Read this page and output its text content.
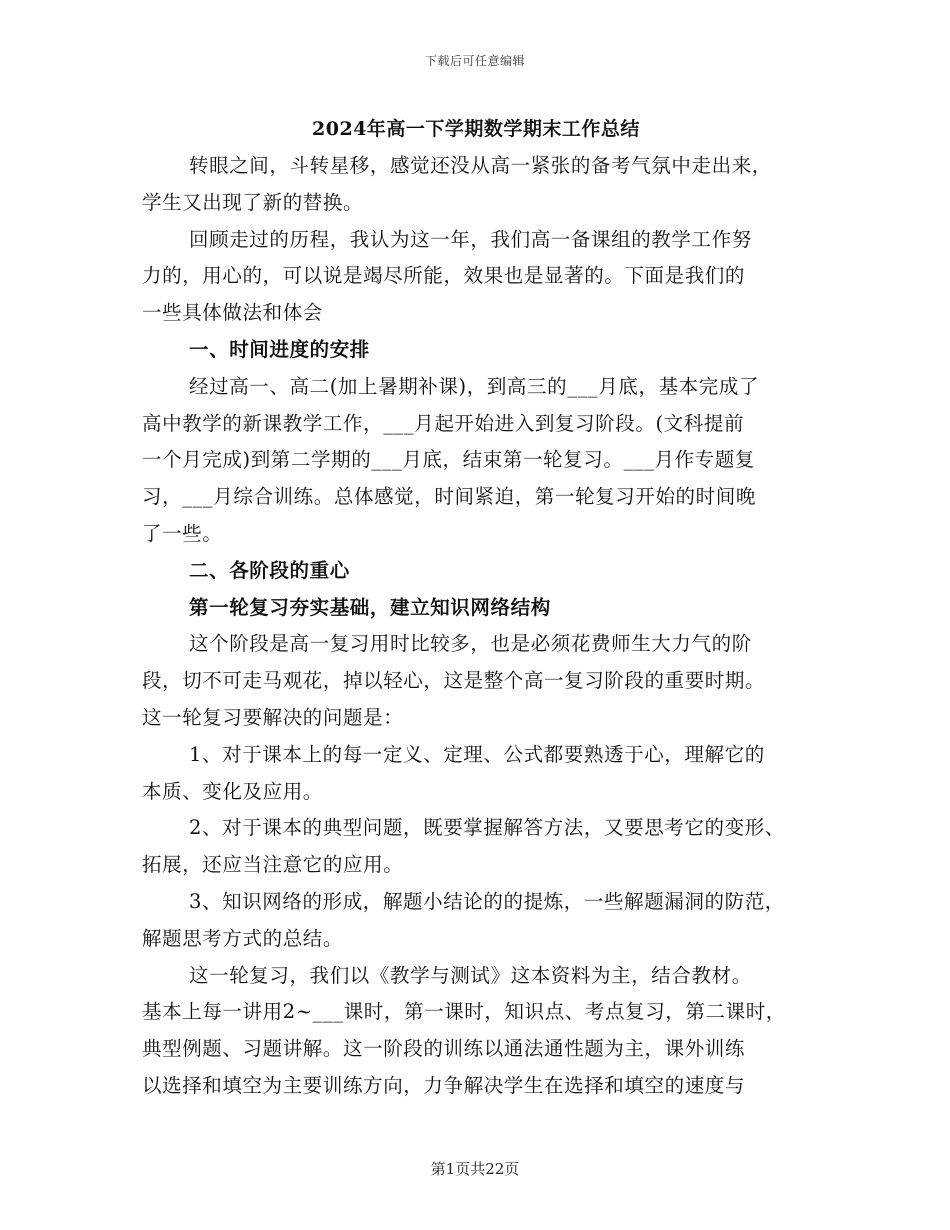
下载后可任意编辑
2024年高一下学期数学期末工作总结
转眼之间，斗转星移，感觉还没从高一紧张的备考气氛中走出来，
学生又出现了新的替换。
回顾走过的历程，我认为这一年，我们高一备课组的教学工作努
力的，用心的，可以说是竭尽所能，效果也是显著的。下面是我们的
一些具体做法和体会
一、时间进度的安排
经过高一、高二(加上暑期补课)，到高三的___月底，基本完成了
高中教学的新课教学工作，___月起开始进入到复习阶段。(文科提前
一个月完成)到第二学期的___月底，结束第一轮复习。___月作专题复
习，___月综合训练。总体感觉，时间紧迫，第一轮复习开始的时间晚
了一些。
二、各阶段的重心
第一轮复习夯实基础，建立知识网络结构
这个阶段是高一复习用时比较多，也是必须花费师生大力气的阶
段，切不可走马观花，掉以轻心，这是整个高一复习阶段的重要时期。
这一轮复习要解决的问题是：
1、对于课本上的每一定义、定理、公式都要熟透于心，理解它的
本质、变化及应用。
2、对于课本的典型问题，既要掌握解答方法，又要思考它的变形、
拓展，还应当注意它的应用。
3、知识网络的形成，解题小结论的的提炼，一些解题漏洞的防范，
解题思考方式的总结。
这一轮复习，我们以《教学与测试》这本资料为主，结合教材。
基本上每一讲用2~___课时，第一课时，知识点、考点复习，第二课时，
典型例题、习题讲解。这一阶段的训练以通法通性题为主，课外训练
以选择和填空为主要训练方向，力争解决学生在选择和填空的速度与
第1页共22页
